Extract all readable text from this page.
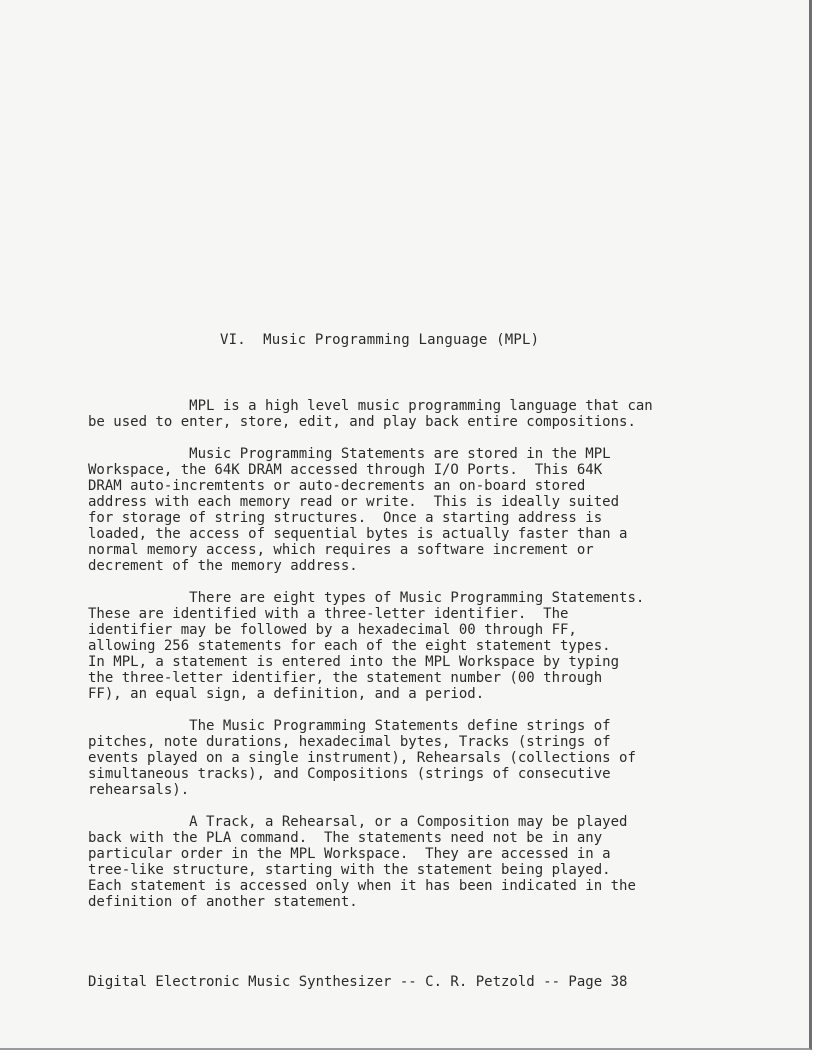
VI.  Music Programming Language (MPL)
MPL is a high level music programming language that can
be used to enter, store, edit, and play back entire compositions.
Music Programming Statements are stored in the MPL
Workspace, the 64K DRAM accessed through I/O Ports.  This 64K
DRAM auto-incremtents or auto-decrements an on-board stored
address with each memory read or write.  This is ideally suited
for storage of string structures.  Once a starting address is
loaded, the access of sequential bytes is actually faster than a
normal memory access, which requires a software increment or
decrement of the memory address.
There are eight types of Music Programming Statements.
These are identified with a three-letter identifier.  The
identifier may be followed by a hexadecimal 00 through FF,
allowing 256 statements for each of the eight statement types.
In MPL, a statement is entered into the MPL Workspace by typing
the three-letter identifier, the statement number (00 through
FF), an equal sign, a definition, and a period.
The Music Programming Statements define strings of
pitches, note durations, hexadecimal bytes, Tracks (strings of
events played on a single instrument), Rehearsals (collections of
simultaneous tracks), and Compositions (strings of consecutive
rehearsals).
A Track, a Rehearsal, or a Composition may be played
back with the PLA command.  The statements need not be in any
particular order in the MPL Workspace.  They are accessed in a
tree-like structure, starting with the statement being played.
Each statement is accessed only when it has been indicated in the
definition of another statement.
Digital Electronic Music Synthesizer -- C. R. Petzold -- Page 38
